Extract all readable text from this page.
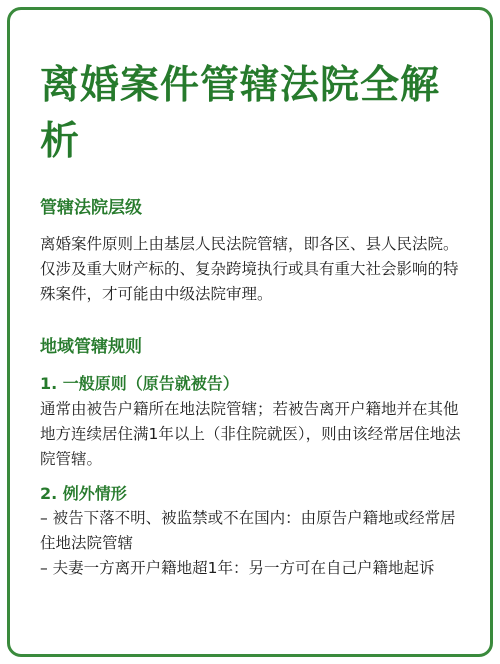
离婚案件管辖法院全解析
管辖法院层级

离婚案件原则上由基层人民法院管辖，即各区、县人民法院。仅涉及重大财产标的、复杂跨境执行或具有重大社会影响的特殊案件，才可能由中级法院审理。

地域管辖规则
1. 一般原则（原告就被告）

通常由被告户籍所在地法院管辖；若被告离开户籍地并在其他地方连续居住满1年以上（非住院就医），则由该经常居住地法院管辖。

2. 例外情形
– 被告下落不明、被监禁或不在国内：由原告户籍地或经常居住地法院管辖
– 夫妻一方离开户籍地超1年：另一方可在自己户籍地起诉
